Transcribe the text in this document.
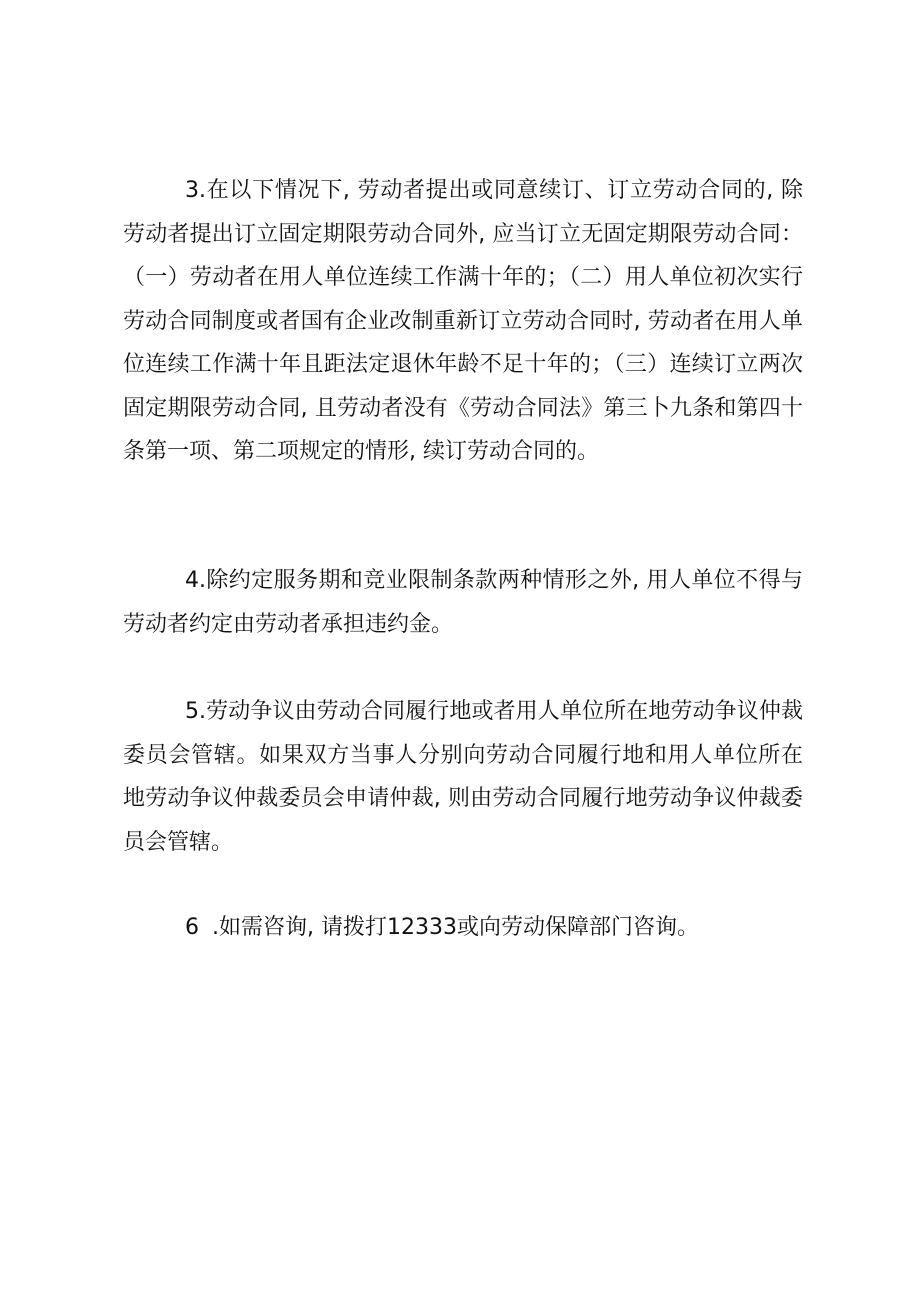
3.在以下情况下, 劳动者提出或同意续订、订立劳动合同的, 除劳动者提出订立固定期限劳动合同外, 应当订立无固定期限劳动合同：（一）劳动者在用人单位连续工作满十年的；（二）用人单位初次实行劳动合同制度或者国有企业改制重新订立劳动合同时, 劳动者在用人单位连续工作满十年且距法定退休年龄不足十年的；（三）连续订立两次固定期限劳动合同, 且劳动者没有《劳动合同法》第三卜九条和第四十条第一项、第二项规定的情形, 续订劳动合同的。

4.除约定服务期和竞业限制条款两种情形之外, 用人单位不得与劳动者约定由劳动者承担违约金。

5.劳动争议由劳动合同履行地或者用人单位所在地劳动争议仲裁委员会管辖。如果双方当事人分别向劳动合同履行地和用人单位所在地劳动争议仲裁委员会申请仲裁, 则由劳动合同履行地劳动争议仲裁委员会管辖。

6 .如需咨询, 请拨打12333或向劳动保障部门咨询。
